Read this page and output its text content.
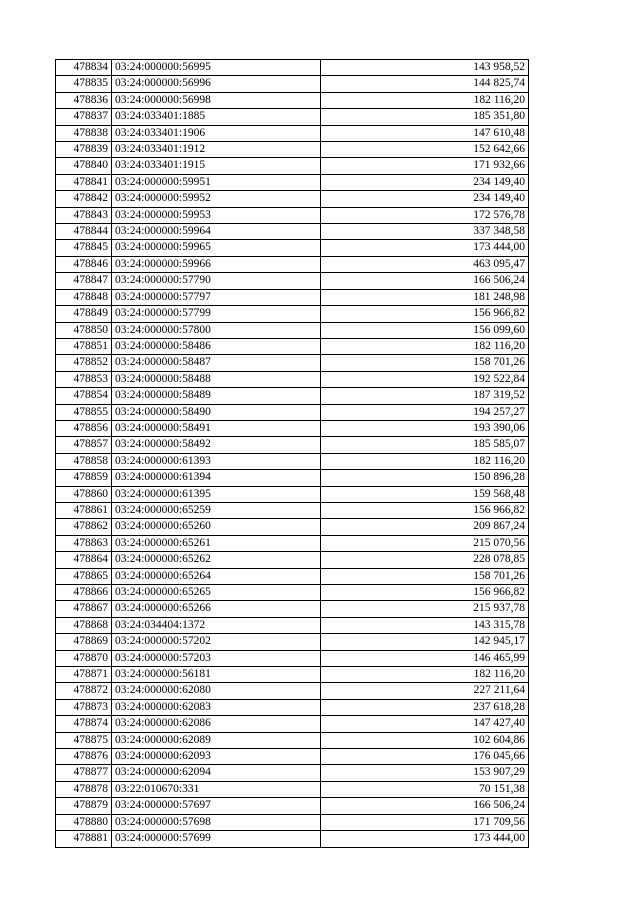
478834	03:24:000000:56995	143 958,52
478835	03:24:000000:56996	144 825,74
478836	03:24:000000:56998	182 116,20
478837	03:24:033401:1885	185 351,80
478838	03:24:033401:1906	147 610,48
478839	03:24:033401:1912	152 642,66
478840	03:24:033401:1915	171 932,66
478841	03:24:000000:59951	234 149,40
478842	03:24:000000:59952	234 149,40
478843	03:24:000000:59953	172 576,78
478844	03:24:000000:59964	337 348,58
478845	03:24:000000:59965	173 444,00
478846	03:24:000000:59966	463 095,47
478847	03:24:000000:57790	166 506,24
478848	03:24:000000:57797	181 248,98
478849	03:24:000000:57799	156 966,82
478850	03:24:000000:57800	156 099,60
478851	03:24:000000:58486	182 116,20
478852	03:24:000000:58487	158 701,26
478853	03:24:000000:58488	192 522,84
478854	03:24:000000:58489	187 319,52
478855	03:24:000000:58490	194 257,27
478856	03:24:000000:58491	193 390,06
478857	03:24:000000:58492	185 585,07
478858	03:24:000000:61393	182 116,20
478859	03:24:000000:61394	150 896,28
478860	03:24:000000:61395	159 568,48
478861	03:24:000000:65259	156 966,82
478862	03:24:000000:65260	209 867,24
478863	03:24:000000:65261	215 070,56
478864	03:24:000000:65262	228 078,85
478865	03:24:000000:65264	158 701,26
478866	03:24:000000:65265	156 966,82
478867	03:24:000000:65266	215 937,78
478868	03:24:034404:1372	143 315,78
478869	03:24:000000:57202	142 945,17
478870	03:24:000000:57203	146 465,99
478871	03:24:000000:56181	182 116,20
478872	03:24:000000:62080	227 211,64
478873	03:24:000000:62083	237 618,28
478874	03:24:000000:62086	147 427,40
478875	03:24:000000:62089	102 604,86
478876	03:24:000000:62093	176 045,66
478877	03:24:000000:62094	153 907,29
478878	03:22:010670:331	70 151,38
478879	03:24:000000:57697	166 506,24
478880	03:24:000000:57698	171 709,56
478881	03:24:000000:57699	173 444,00
